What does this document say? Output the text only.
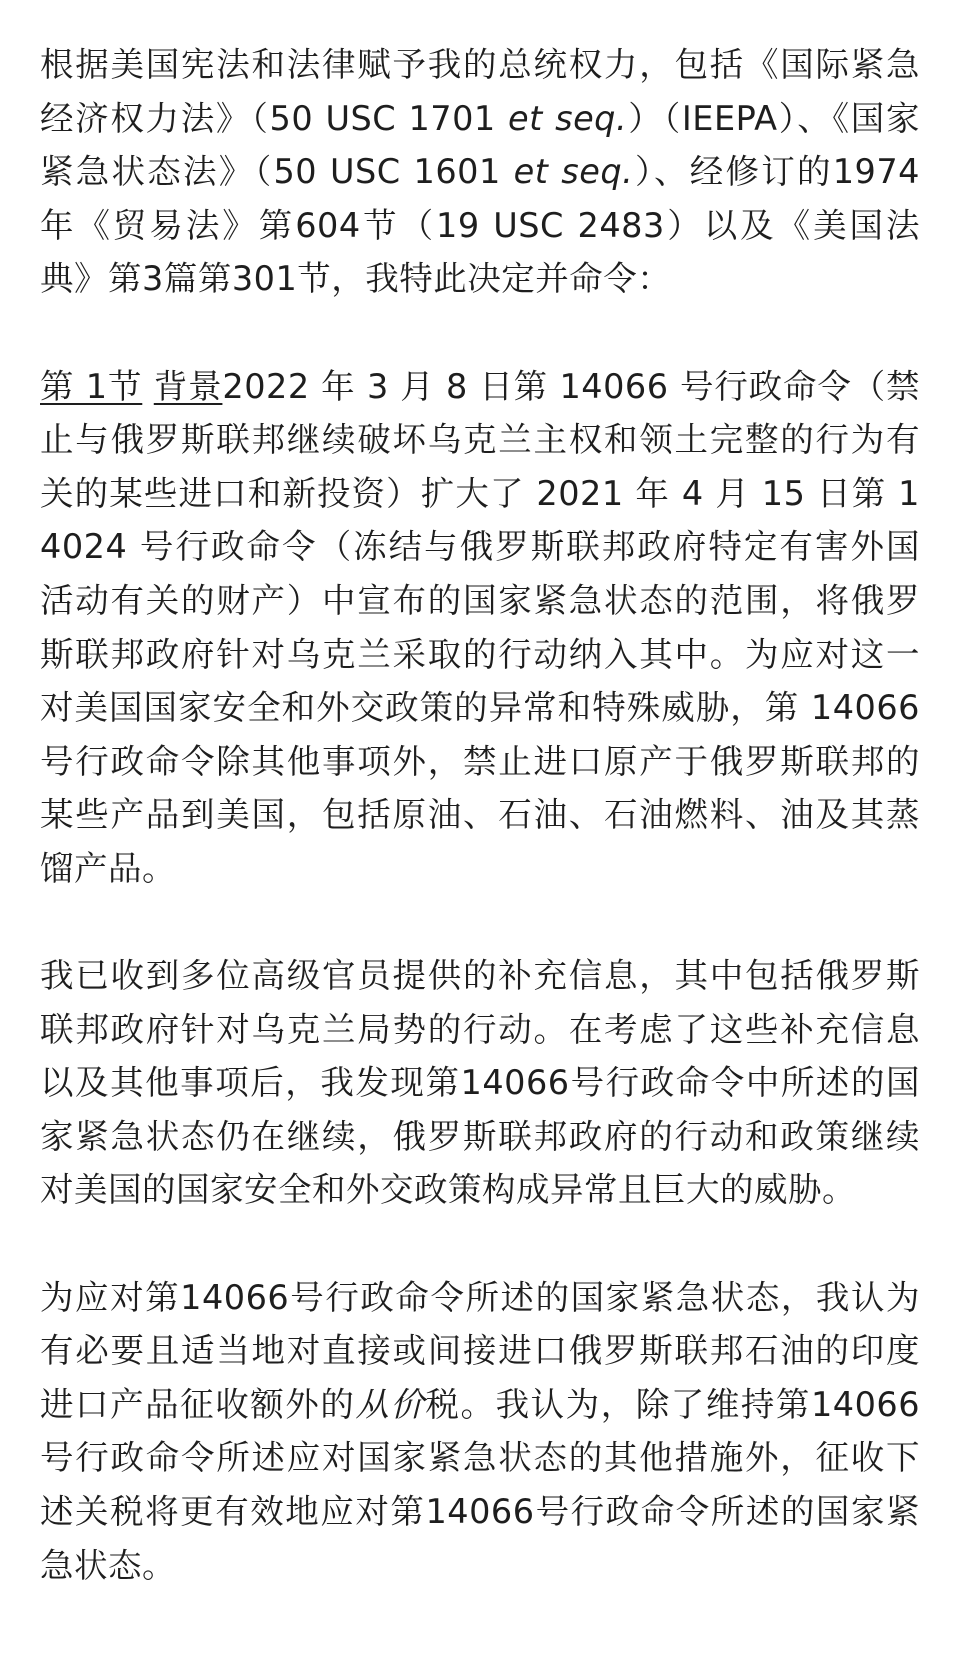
根据美国宪法和法律赋予我的总统权力，包括《国际紧急经济权力法》（50 USC 1701 et seq.）（IEEPA）、《国家紧急状态法》（50 USC 1601 et seq.）、经修订的1974年《贸易法》第604节（19 USC 2483）以及《美国法典》第3篇第301节，我特此决定并命令：

第 1节 背景2022 年 3 月 8 日第 14066 号行政命令（禁止与俄罗斯联邦继续破坏乌克兰主权和领土完整的行为有关的某些进口和新投资）扩大了 2021 年 4 月 15 日第 14024 号行政命令（冻结与俄罗斯联邦政府特定有害外国活动有关的财产）中宣布的国家紧急状态的范围，将俄罗斯联邦政府针对乌克兰采取的行动纳入其中。为应对这一对美国国家安全和外交政策的异常和特殊威胁，第 14066 号行政命令除其他事项外，禁止进口原产于俄罗斯联邦的某些产品到美国，包括原油、石油、石油燃料、油及其蒸馏产品。

我已收到多位高级官员提供的补充信息，其中包括俄罗斯联邦政府针对乌克兰局势的行动。在考虑了这些补充信息以及其他事项后，我发现第14066号行政命令中所述的国家紧急状态仍在继续，俄罗斯联邦政府的行动和政策继续对美国的国家安全和外交政策构成异常且巨大的威胁。

为应对第14066号行政命令所述的国家紧急状态，我认为有必要且适当地对直接或间接进口俄罗斯联邦石油的印度进口产品征收额外的从价税。我认为，除了维持第14066号行政命令所述应对国家紧急状态的其他措施外，征收下述关税将更有效地应对第14066号行政命令所述的国家紧急状态。
